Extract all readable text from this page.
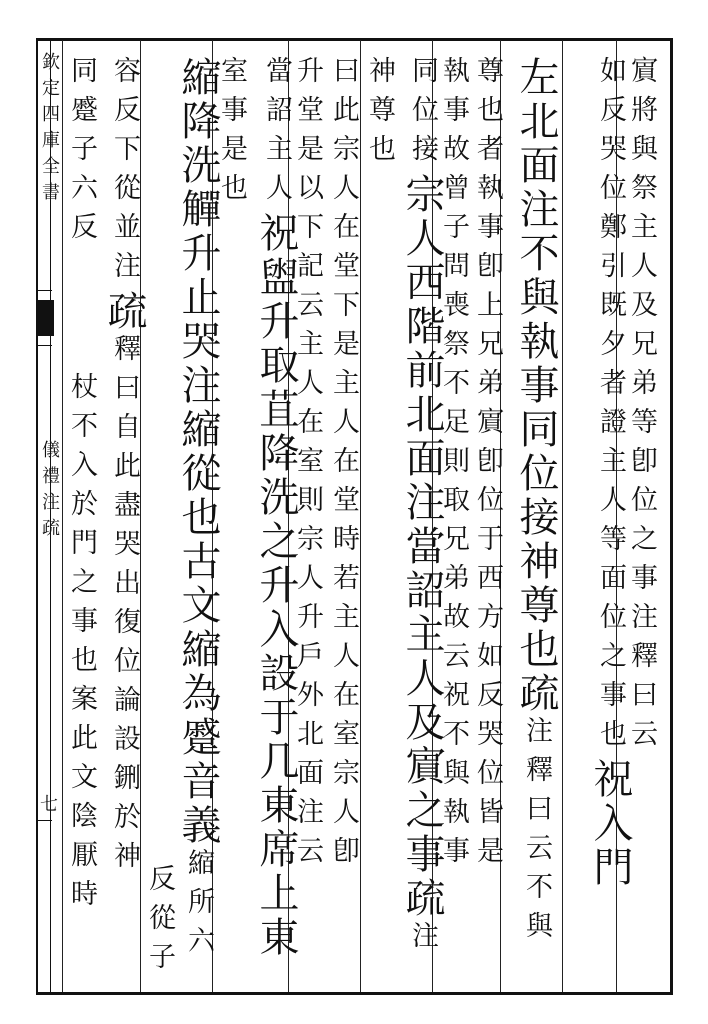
欽定四庫全書
儀禮注疏
七
賔將與祭主人及兄弟等卽位之事注釋曰云
如反哭位鄭引既夕者證主人等面位之事也祝入門
左北面注不與執事同位接神尊也疏注釋曰云不與
尊也者執事卽上兄弟賔卽位于西方如反哭位皆是
執事故曾子問喪祭不足則取兄弟故云祝不與執事
同位接宗人西階前北面注當詔主人及賔之事疏注
神尊也
曰此宗人在堂下是主人在堂時若主人在室宗人卽
升堂是以下記云主人在室則宗人升戶外北面注云
當詔主人祝盥升取苴降洗之升入設于几東席上東
室事是也
縮降洗觶升止哭注縮從也古文縮為蹙音義縮所六
反從子
容反下從並注疏釋曰自此盡哭出復位論設鉶於神
同蹙子六反
杖不入於門之事也案此文陰厭時
